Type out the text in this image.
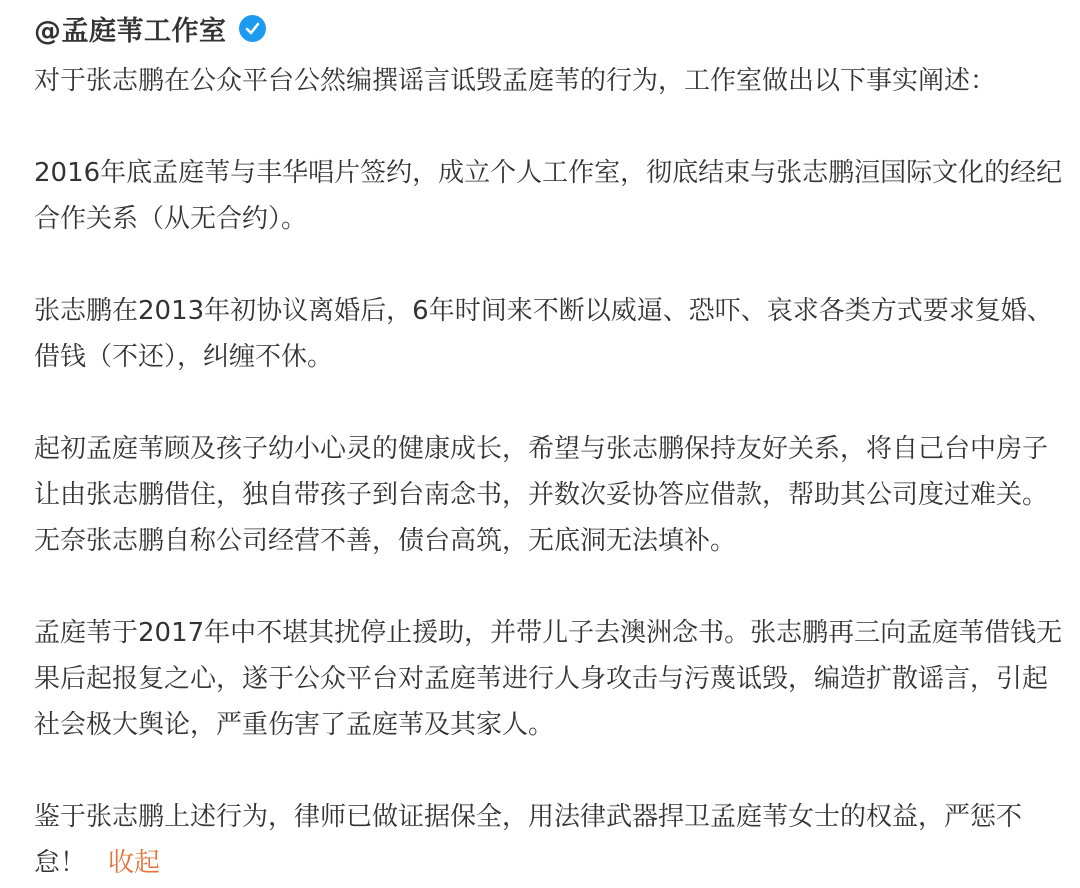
@孟庭苇工作室

对于张志鹏在公众平台公然编撰谣言诋毁孟庭苇的行为，工作室做出以下事实阐述：

2016年底孟庭苇与丰华唱片签约，成立个人工作室，彻底结束与张志鹏洹国际文化的经纪合作关系（从无合约）。

张志鹏在2013年初协议离婚后，6年时间来不断以威逼、恐吓、哀求各类方式要求复婚、借钱（不还），纠缠不休。

起初孟庭苇顾及孩子幼小心灵的健康成长，希望与张志鹏保持友好关系，将自己台中房子让由张志鹏借住，独自带孩子到台南念书，并数次妥协答应借款，帮助其公司度过难关。无奈张志鹏自称公司经营不善，债台高筑，无底洞无法填补。

孟庭苇于2017年中不堪其扰停止援助，并带儿子去澳洲念书。张志鹏再三向孟庭苇借钱无果后起报复之心，遂于公众平台对孟庭苇进行人身攻击与污蔑诋毁，编造扩散谣言，引起社会极大舆论，严重伤害了孟庭苇及其家人。

鉴于张志鹏上述行为，律师已做证据保全，用法律武器捍卫孟庭苇女士的权益，严惩不怠！ 收起
